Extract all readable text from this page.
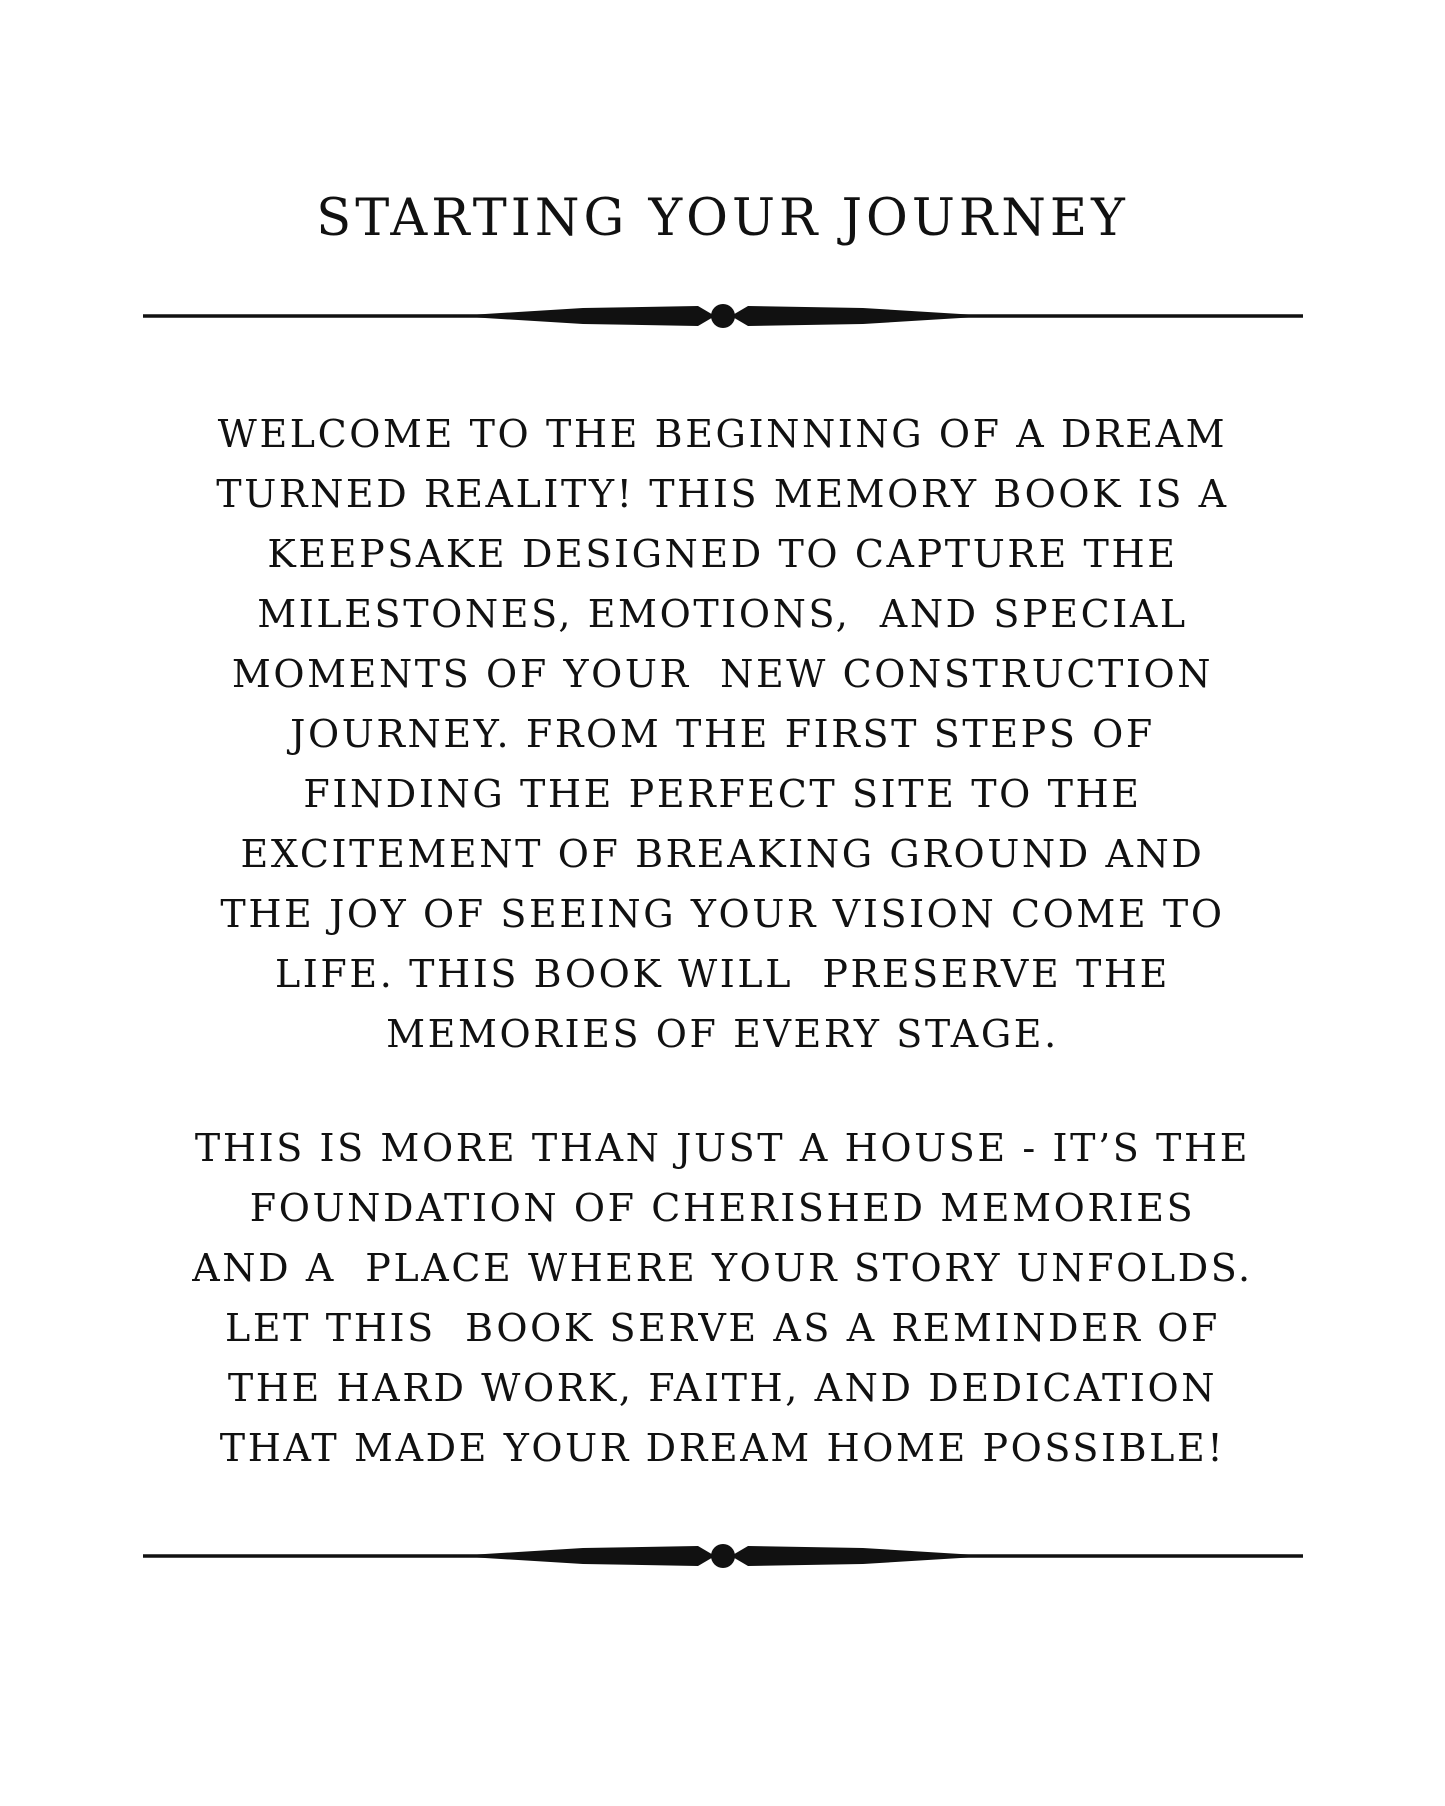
STARTING YOUR JOURNEY

WELCOME TO THE BEGINNING OF A DREAM
TURNED REALITY! THIS MEMORY BOOK IS A
KEEPSAKE DESIGNED TO CAPTURE THE
MILESTONES, EMOTIONS,  AND SPECIAL
MOMENTS OF YOUR  NEW CONSTRUCTION
JOURNEY. FROM THE FIRST STEPS OF
FINDING THE PERFECT SITE TO THE
EXCITEMENT OF BREAKING GROUND AND
THE JOY OF SEEING YOUR VISION COME TO
LIFE. THIS BOOK WILL  PRESERVE THE
MEMORIES OF EVERY STAGE.

THIS IS MORE THAN JUST A HOUSE - IT’S THE
FOUNDATION OF CHERISHED MEMORIES
AND A  PLACE WHERE YOUR STORY UNFOLDS.
LET THIS  BOOK SERVE AS A REMINDER OF
THE HARD WORK, FAITH, AND DEDICATION
THAT MADE YOUR DREAM HOME POSSIBLE!
